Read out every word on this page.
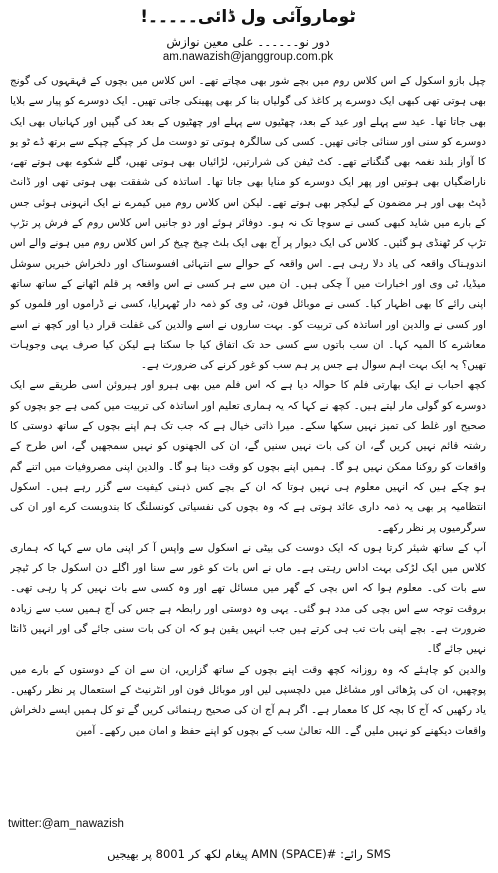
ٹوماروآئی ول ڈائی۔۔۔۔۔!
دور نو۔۔۔۔۔۔ علی معین نوازش
am.nawazish@janggroup.com.pk

چپل بازو اسکول کے اس کلاس روم میں بچے شور بھی مچاتے تھے۔ اس کلاس میں بچوں کے قہقہوں کی گونج بھی ہوتی تھی کبھی ایک دوسرے پر کاغذ کی گولیاں بنا کر بھی پھینکی جاتی تھیں۔ ایک دوسرے کو پیار سے بلایا بھی جاتا تھا۔ عید سے پہلے اور عید کے بعد، چھٹیوں سے پہلے اور چھٹیوں کے بعد کی گپیں اور کہانیاں بھی ایک دوسرے کو سنی اور سنائی جاتی تھیں۔ کسی کی سالگرہ ہوتی تو دوست مل کر چپکے چپکے سے برتھ ڈے ٹو یو کا آواز بلند نغمہ بھی گنگناتے تھے۔ کٹ ٹیفن کی شرارتیں، لڑائیاں بھی ہوتی تھیں، گلے شکوے بھی ہوتے تھے، ناراضگیاں بھی ہوتیں اور پھر ایک دوسرے کو منایا بھی جاتا تھا۔ اساتذہ کی شفقت بھی ہوتی تھی اور ڈانٹ ڈپٹ بھی اور ہر مضمون کے لیکچر بھی ہوتے تھے۔ لیکن اس کلاس روم میں کیمرے نے ایک انہونی ہوئی جس کے بارے میں شاید کبھی کسی نے سوچا تک نہ ہو۔ دوفائر ہوئے اور دو جانیں اس کلاس روم کے فرش پر تڑپ تڑپ کر ٹھنڈی ہو گئیں۔ کلاس کی ایک دیوار پر آج بھی ایک بلٹ چیخ چیخ کر اس کلاس روم میں ہونے والے اس اندوہناک واقعہ کی یاد دلا رہی ہے۔ اس واقعہ کے حوالے سے انتہائی افسوسناک اور دلخراش خبریں سوشل میڈیا، ٹی وی اور اخبارات میں آ چکی ہیں۔ ان میں سے ہر کسی نے اس واقعہ پر قلم اٹھانے کے ساتھ ساتھ اپنی رائے کا بھی اظہار کیا۔ کسی نے موبائل فون، ٹی وی کو ذمہ دار ٹھہرایا، کسی نے ڈراموں اور فلموں کو اور کسی نے والدین اور اساتذہ کی تربیت کو۔ بہت ساروں نے اسے والدین کی غفلت قرار دیا اور کچھ نے اسے معاشرے کا المیہ کہا۔ ان سب باتوں سے کسی حد تک اتفاق کیا جا سکتا ہے لیکن کیا صرف یہی وجوہات تھیں؟ یہ ایک بہت اہم سوال ہے جس پر ہم سب کو غور کرنے کی ضرورت ہے۔

کچھ احباب نے ایک بھارتی فلم کا حوالہ دیا ہے کہ اس فلم میں بھی ہیرو اور ہیروئن اسی طریقے سے ایک دوسرے کو گولی مار لیتے ہیں۔ کچھ نے کہا کہ یہ ہماری تعلیم اور اساتذہ کی تربیت میں کمی ہے جو بچوں کو صحیح اور غلط کی تمیز نہیں سکھا سکے۔ میرا ذاتی خیال ہے کہ جب تک ہم اپنے بچوں کے ساتھ دوستی کا رشتہ قائم نہیں کریں گے، ان کی بات نہیں سنیں گے، ان کی الجھنوں کو نہیں سمجھیں گے، اس طرح کے واقعات کو روکنا ممکن نہیں ہو گا۔ ہمیں اپنے بچوں کو وقت دینا ہو گا۔ والدین اپنی مصروفیات میں اتنے گم ہو چکے ہیں کہ انہیں معلوم ہی نہیں ہوتا کہ ان کے بچے کس ذہنی کیفیت سے گزر رہے ہیں۔ اسکول انتظامیہ پر بھی یہ ذمہ داری عائد ہوتی ہے کہ وہ بچوں کی نفسیاتی کونسلنگ کا بندوبست کرے اور ان کی سرگرمیوں پر نظر رکھے۔

آپ کے ساتھ شیئر کرتا ہوں کہ ایک دوست کی بیٹی نے اسکول سے واپس آ کر اپنی ماں سے کہا کہ ہماری کلاس میں ایک لڑکی بہت اداس رہتی ہے۔ ماں نے اس بات کو غور سے سنا اور اگلے دن اسکول جا کر ٹیچر سے بات کی۔ معلوم ہوا کہ اس بچی کے گھر میں مسائل تھے اور وہ کسی سے بات نہیں کر پا رہی تھی۔ بروقت توجہ سے اس بچی کی مدد ہو گئی۔ یہی وہ دوستی اور رابطہ ہے جس کی آج ہمیں سب سے زیادہ ضرورت ہے۔ بچے اپنی بات تب ہی کرتے ہیں جب انہیں یقین ہو کہ ان کی بات سنی جائے گی اور انہیں ڈانٹا نہیں جائے گا۔

والدین کو چاہئے کہ وہ روزانہ کچھ وقت اپنے بچوں کے ساتھ گزاریں، ان سے ان کے دوستوں کے بارے میں پوچھیں، ان کی پڑھائی اور مشاغل میں دلچسپی لیں اور موبائل فون اور انٹرنیٹ کے استعمال پر نظر رکھیں۔ یاد رکھیں کہ آج کا بچہ کل کا معمار ہے۔ اگر ہم آج ان کی صحیح رہنمائی کریں گے تو کل ہمیں ایسے دلخراش واقعات دیکھنے کو نہیں ملیں گے۔ اللہ تعالیٰ سب کے بچوں کو اپنے حفظ و امان میں رکھے۔ آمین

twitter:@am_nawazish
SMS رائے: #AMN (SPACE) پیغام لکھ کر 8001 پر بھیجیں
